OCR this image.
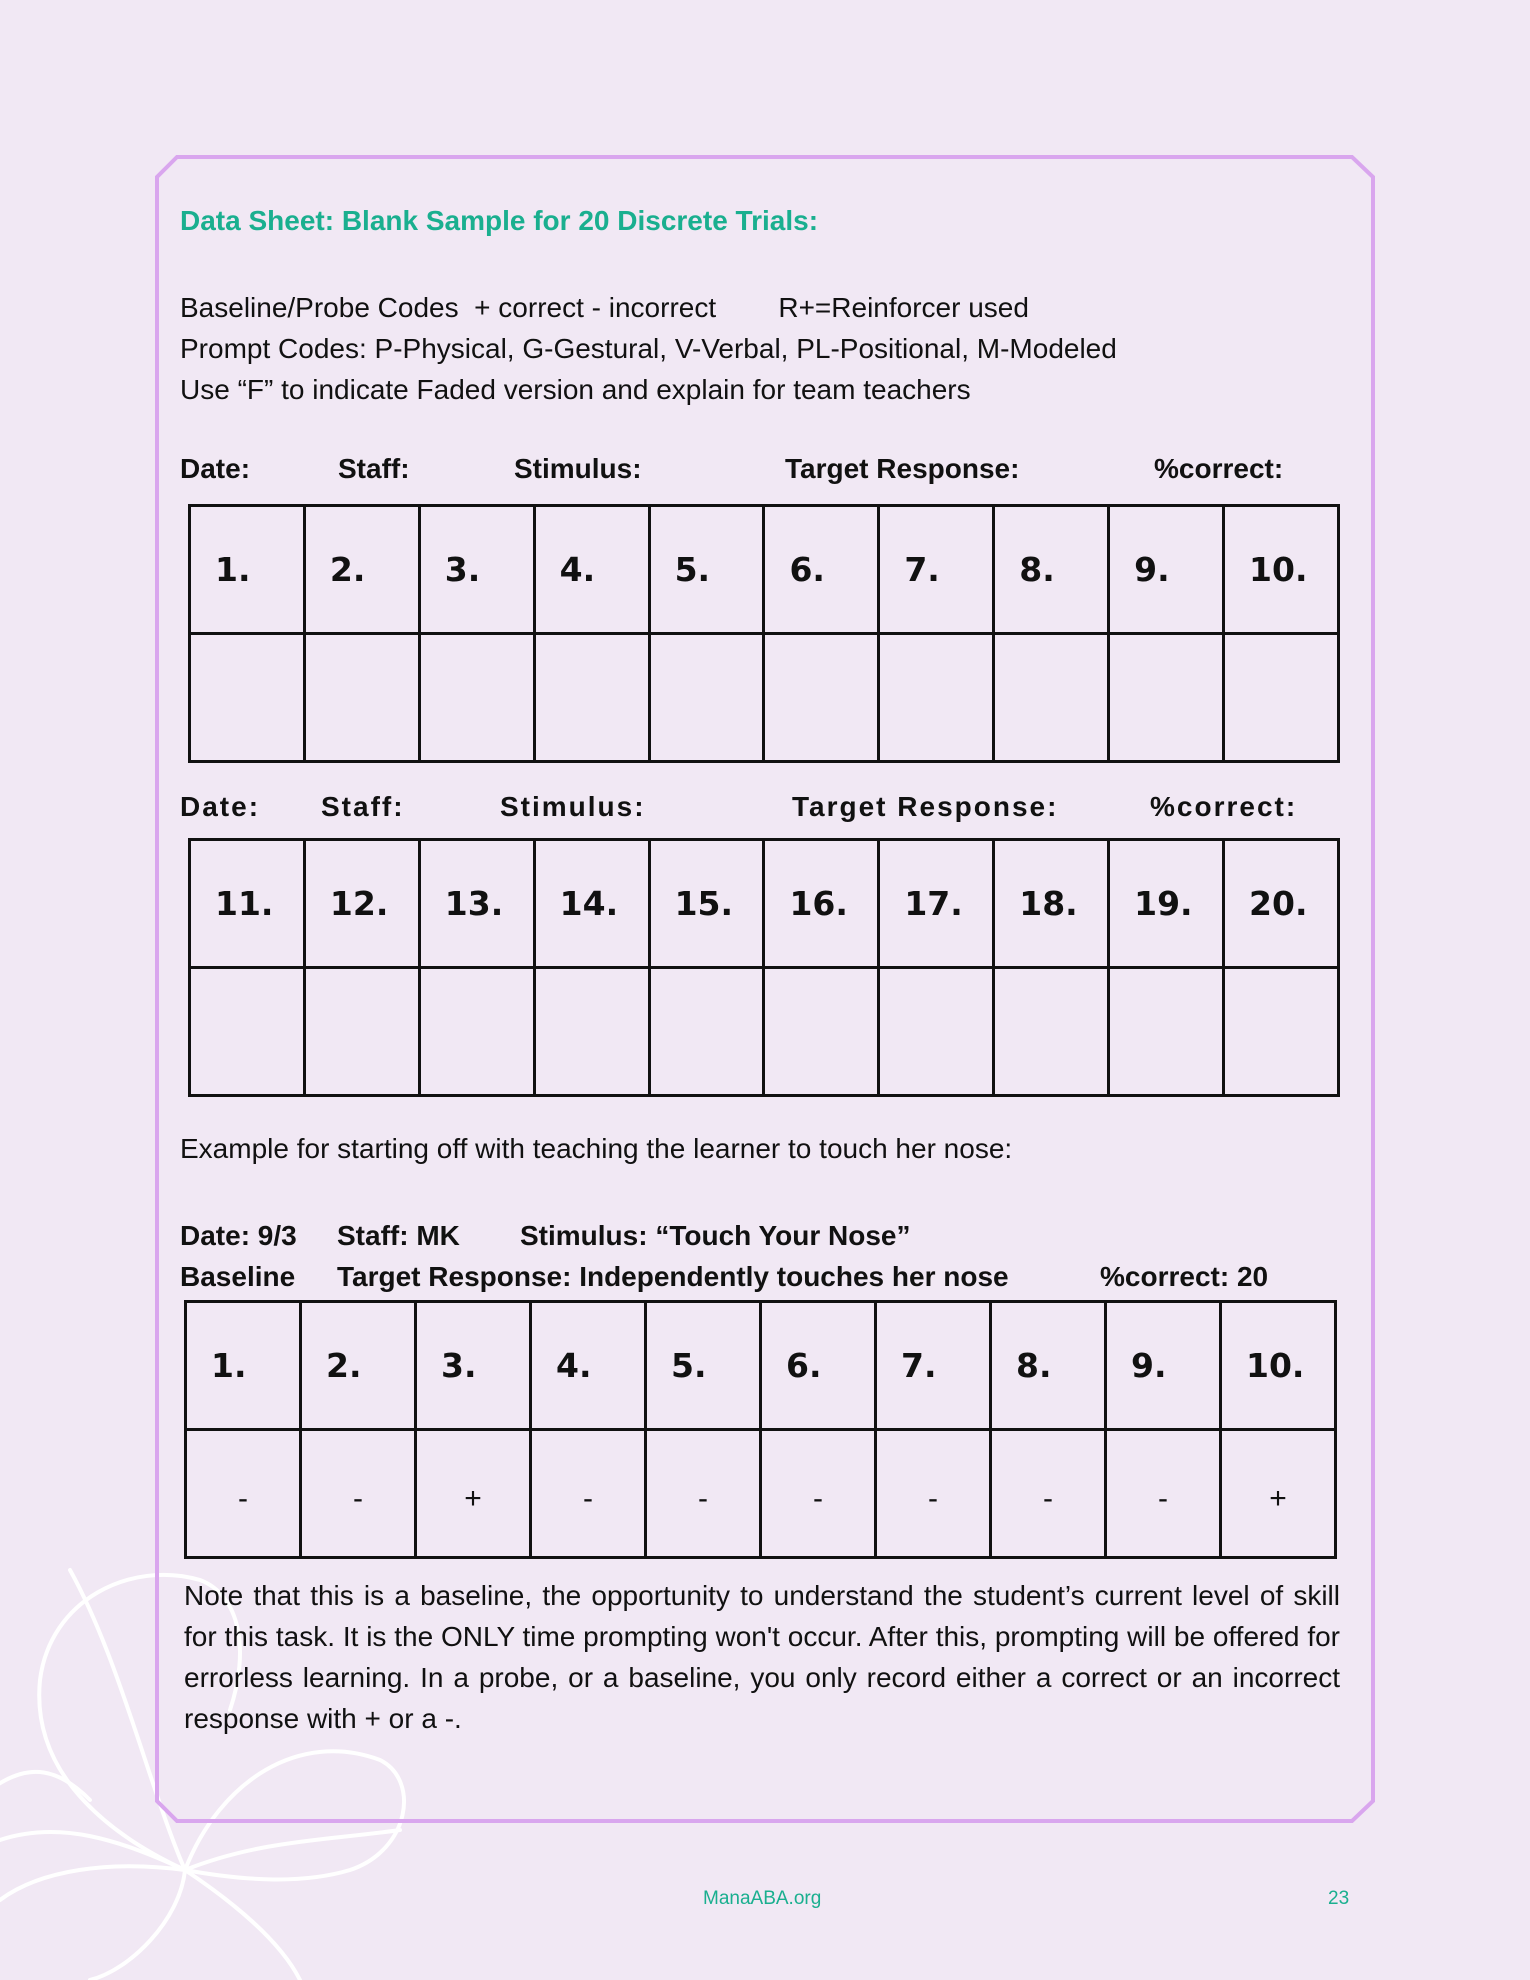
Data Sheet: Blank Sample for 20 Discrete Trials:
Baseline/Probe Codes  + correct - incorrect        R+=Reinforcer used
Prompt Codes: P-Physical, G-Gestural, V-Verbal, PL-Positional, M-Modeled
Use “F” to indicate Faded version and explain for team teachers
Date:	Staff:	Stimulus:	Target Response:	%correct:
1.	2.	3.	4.	5.	6.	7.	8.	9.	10.

Date: Staff:	Stimulus:	Target Response:	%correct:
11.	12.	13.	14.	15.	16.	17.	18.	19.	20.

Example for starting off with teaching the learner to touch her nose:
Date: 9/3 Staff: MK Stimulus: “Touch Your Nose”
Baseline Target Response: Independently touches her nose	%correct: 20
1.	2.	3.	4.	5.	6.	7.	8.	9.	10.
-	-	+	-	-	-	-	-	-	+
Note that this is a baseline, the opportunity to understand the student’s current level of skill for this task. It is the ONLY time prompting won't occur. After this, prompting will be offered for errorless learning. In a probe, or a baseline, you only record either a correct or an incorrect response with + or a -.
ManaABA.org	23
